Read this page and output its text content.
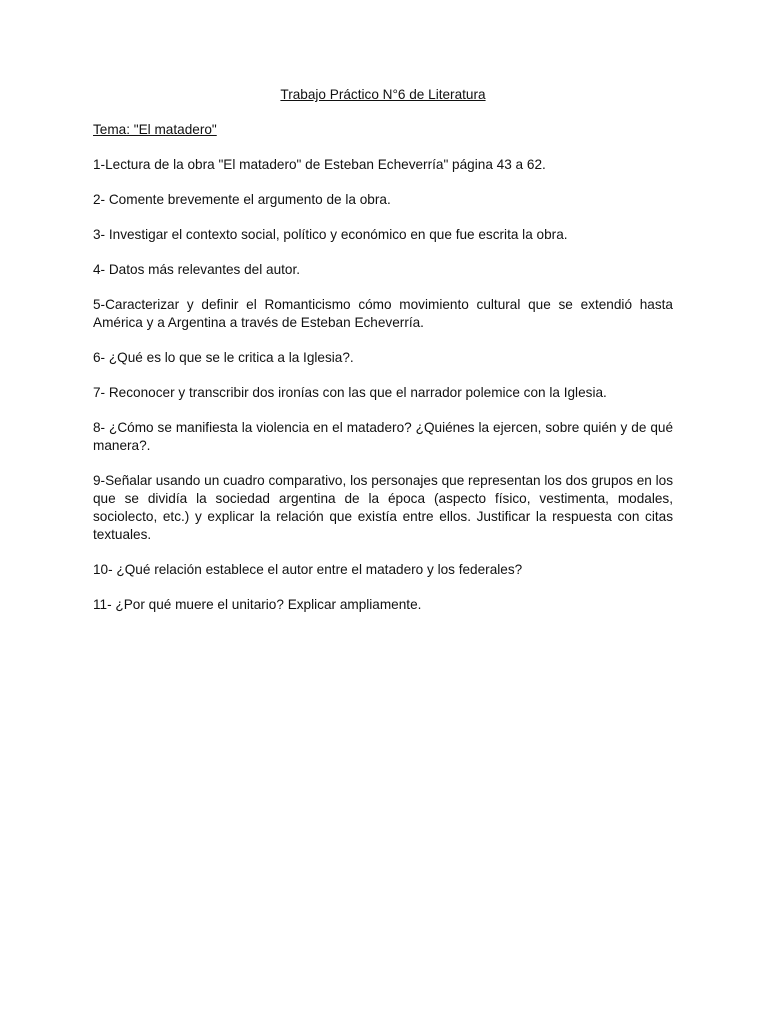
Trabajo Práctico N°6 de Literatura

Tema: "El matadero"

1-Lectura de la obra "El matadero" de Esteban Echeverría" página 43 a 62.

2- Comente brevemente el argumento de la obra.

3- Investigar el contexto social, político y económico en que fue escrita la obra.

4- Datos más relevantes del autor.

5-Caracterizar y definir el Romanticismo cómo movimiento cultural que se extendió hasta América y a Argentina a través de Esteban Echeverría.

6- ¿Qué es lo que se le critica a la Iglesia?.

7- Reconocer y transcribir dos ironías con las que el narrador polemice con la Iglesia.

8- ¿Cómo se manifiesta la violencia en el matadero? ¿Quiénes la ejercen, sobre quién y de qué manera?.

9-Señalar usando un cuadro comparativo, los personajes que representan los dos grupos en los que se dividía la sociedad argentina de la época (aspecto físico, vestimenta, modales, sociolecto, etc.) y explicar la relación que existía entre ellos. Justificar la respuesta con citas textuales.

10- ¿Qué relación establece el autor entre el matadero y los federales?

11- ¿Por qué muere el unitario? Explicar ampliamente.
